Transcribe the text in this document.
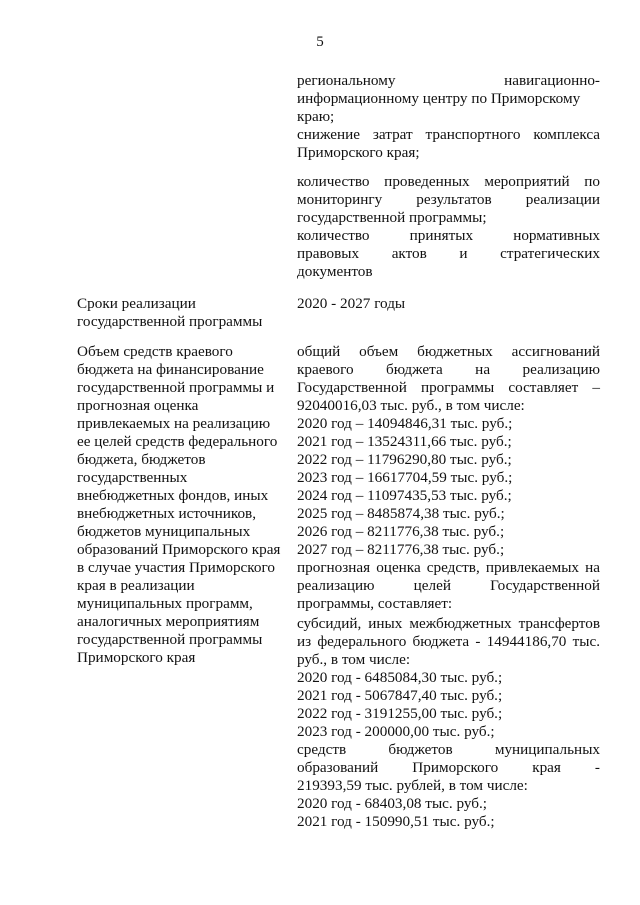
5
региональному навигационно-
информационному центру по Приморскому
краю;
снижение затрат транспортного комплекса
Приморского края;
количество проведенных мероприятий по
мониторингу результатов реализации
государственной программы;
количество принятых нормативных
правовых актов и стратегических
документов
Сроки реализации
государственной программы
2020 - 2027 годы
Объем средств краевого
бюджета на финансирование
государственной программы и
прогнозная оценка
привлекаемых на реализацию
ее целей средств федерального
бюджета, бюджетов
государственных
внебюджетных фондов, иных
внебюджетных источников,
бюджетов муниципальных
образований Приморского края
в случае участия Приморского
края в реализации
муниципальных программ,
аналогичных мероприятиям
государственной программы
Приморского края
общий объем бюджетных ассигнований
краевого бюджета на реализацию
Государственной программы составляет –
92040016,03 тыс. руб., в том числе:
2020 год – 14094846,31 тыс. руб.;
2021 год – 13524311,66 тыс. руб.;
2022 год – 11796290,80 тыс. руб.;
2023 год – 16617704,59 тыс. руб.;
2024 год – 11097435,53 тыс. руб.;
2025 год – 8485874,38 тыс. руб.;
2026 год – 8211776,38 тыс. руб.;
2027 год – 8211776,38 тыс. руб.;
прогнозная оценка средств, привлекаемых на
реализацию целей Государственной
программы, составляет:
субсидий, иных межбюджетных трансфертов
из федерального бюджета - 14944186,70 тыс.
руб., в том числе:
2020 год - 6485084,30 тыс. руб.;
2021 год - 5067847,40 тыс. руб.;
2022 год - 3191255,00 тыс. руб.;
2023 год - 200000,00 тыс. руб.;
средств бюджетов муниципальных
образований Приморского края -
219393,59 тыс. рублей, в том числе:
2020 год - 68403,08 тыс. руб.;
2021 год - 150990,51 тыс. руб.;
